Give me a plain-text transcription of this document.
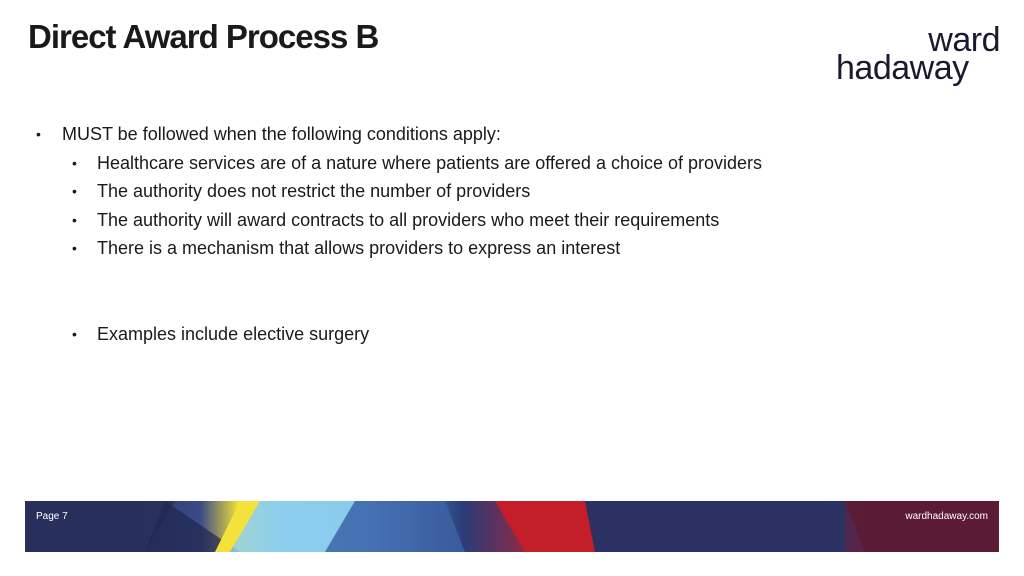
Direct Award Process B	ward
hadaway
• MUST be followed when the following conditions apply:
• Healthcare services are of a nature where patients are offered a choice of providers
• The authority does not restrict the number of providers
• The authority will award contracts to all providers who meet their requirements
• There is a mechanism that allows providers to express an interest
• Examples include elective surgery
Page 7	wardhadaway.com
